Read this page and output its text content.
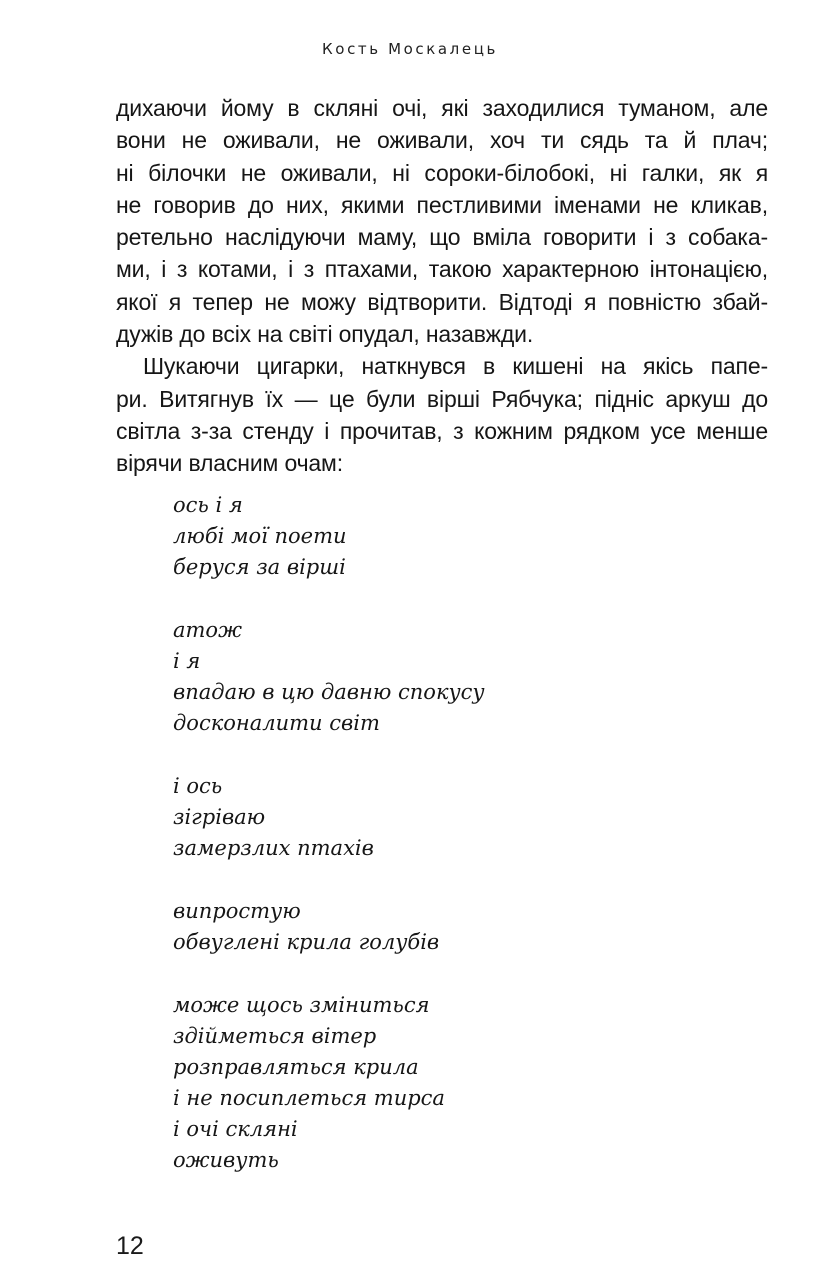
Кость Москалець
дихаючи йому в скляні очі, які заходилися туманом, але
вони не оживали, не оживали, хоч ти сядь та й плач;
ні білочки не оживали, ні сороки-білобокі, ні галки, як я
не говорив до них, якими пестливими іменами не кликав,
ретельно наслідуючи маму, що вміла говорити і з собака-
ми, і з котами, і з птахами, такою характерною інтонацією,
якої я тепер не можу відтворити. Відтоді я повністю збай-
дужів до всіх на світі опудал, назавжди.
Шукаючи цигарки, наткнувся в кишені на якісь папе-
ри. Витягнув їх — це були вірші Рябчука; підніс аркуш до
світла з-за стенду і прочитав, з кожним рядком усе менше
вірячи власним очам:
ось і я
любі мої поети
беруся за вірші
атож
і я
впадаю в цю давню спокусу
досконалити світ
і ось
зігріваю
замерзлих птахів
випростую
обвуглені крила голубів
може щось зміниться
здійметься вітер
розправляться крила
і не посиплеться тирса
і очі скляні
оживуть
12
